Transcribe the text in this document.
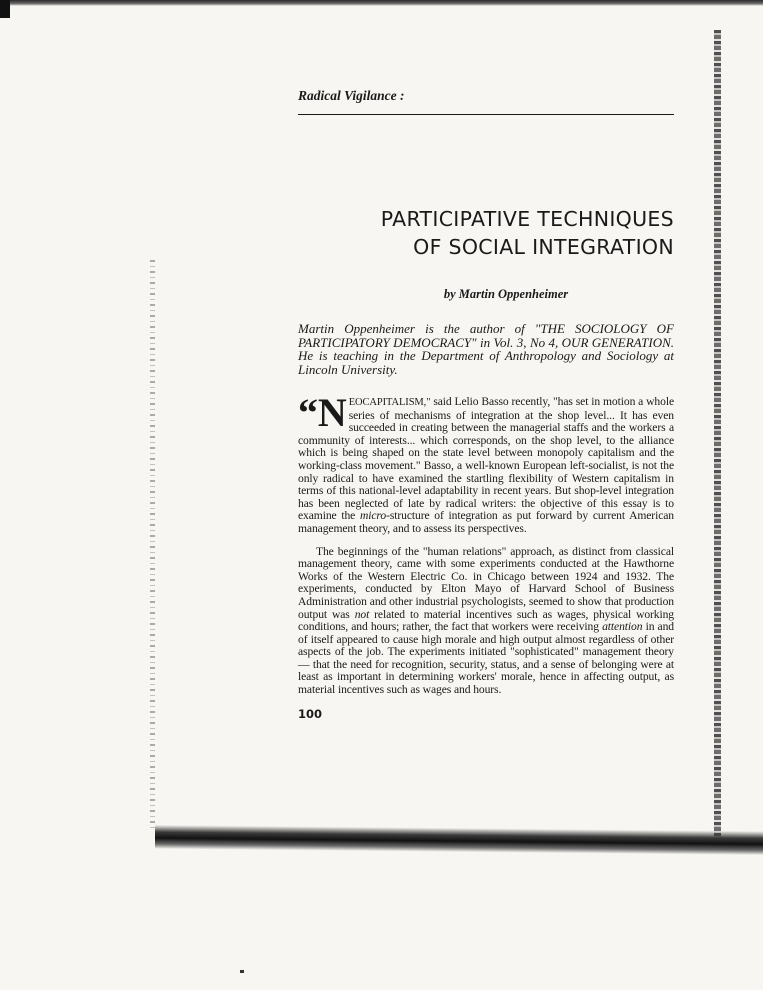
Radical Vigilance :
PARTICIPATIVE TECHNIQUES
OF SOCIAL INTEGRATION

by Martin Oppenheimer

Martin Oppenheimer is the author of "THE SOCIOLOGY OF PARTICIPATORY DEMOCRACY" in Vol. 3, No 4, OUR GENERATION. He is teaching in the Department of Anthropology and Sociology at Lincoln University.

“N EOCAPITALISM," said Lelio Basso recently, "has set in motion a whole series of mechanisms of integration at the shop level... It has even succeeded in creating between the managerial staffs and the workers a community of interests... which corresponds, on the shop level, to the alliance which is being shaped on the state level between monopoly capitalism and the working-class movement." Basso, a well-known European left-socialist, is not the only radical to have examined the startling flexibility of Western capitalism in terms of this national-level adaptability in recent years. But shop-level integration has been neglected of late by radical writers: the objective of this essay is to examine the micro-structure of integration as put forward by current American management theory, and to assess its perspectives.

The beginnings of the "human relations" approach, as distinct from classical management theory, came with some experiments conducted at the Hawthorne Works of the Western Electric Co. in Chicago between 1924 and 1932. The experiments, conducted by Elton Mayo of Harvard School of Business Administration and other industrial psychologists, seemed to show that production output was not related to material incentives such as wages, physical working conditions, and hours; rather, the fact that workers were receiving attention in and of itself appeared to cause high morale and high output almost regardless of other aspects of the job. The experiments initiated "sophisticated" management theory — that the need for recognition, security, status, and a sense of belonging were at least as important in determining workers' morale, hence in affecting output, as material incentives such as wages and hours.

100
